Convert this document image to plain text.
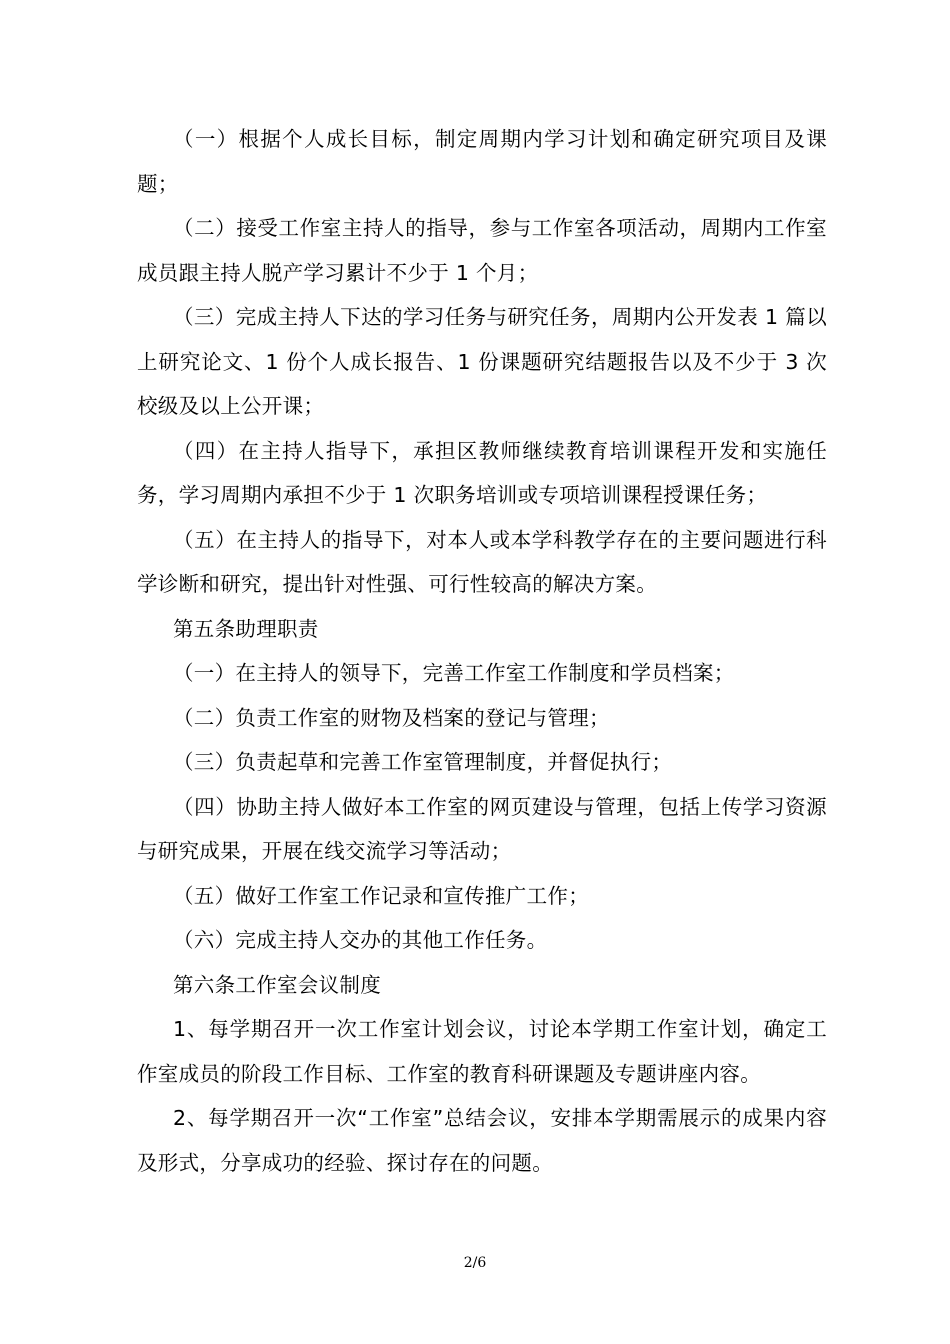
（一）根据个人成长目标，制定周期内学习计划和确定研究项目及课题；

（二）接受工作室主持人的指导，参与工作室各项活动，周期内工作室成员跟主持人脱产学习累计不少于 1 个月；

（三）完成主持人下达的学习任务与研究任务，周期内公开发表 1 篇以上研究论文、1 份个人成长报告、1 份课题研究结题报告以及不少于 3 次校级及以上公开课；

（四）在主持人指导下，承担区教师继续教育培训课程开发和实施任务，学习周期内承担不少于 1 次职务培训或专项培训课程授课任务；

（五）在主持人的指导下，对本人或本学科教学存在的主要问题进行科学诊断和研究，提出针对性强、可行性较高的解决方案。

第五条助理职责

（一）在主持人的领导下，完善工作室工作制度和学员档案；

（二）负责工作室的财物及档案的登记与管理；

（三）负责起草和完善工作室管理制度，并督促执行；

（四）协助主持人做好本工作室的网页建设与管理，包括上传学习资源与研究成果，开展在线交流学习等活动；

（五）做好工作室工作记录和宣传推广工作；

（六）完成主持人交办的其他工作任务。

第六条工作室会议制度

1、每学期召开一次工作室计划会议，讨论本学期工作室计划，确定工作室成员的阶段工作目标、工作室的教育科研课题及专题讲座内容。

2、每学期召开一次“工作室”总结会议，安排本学期需展示的成果内容及形式，分享成功的经验、探讨存在的问题。

2/6
